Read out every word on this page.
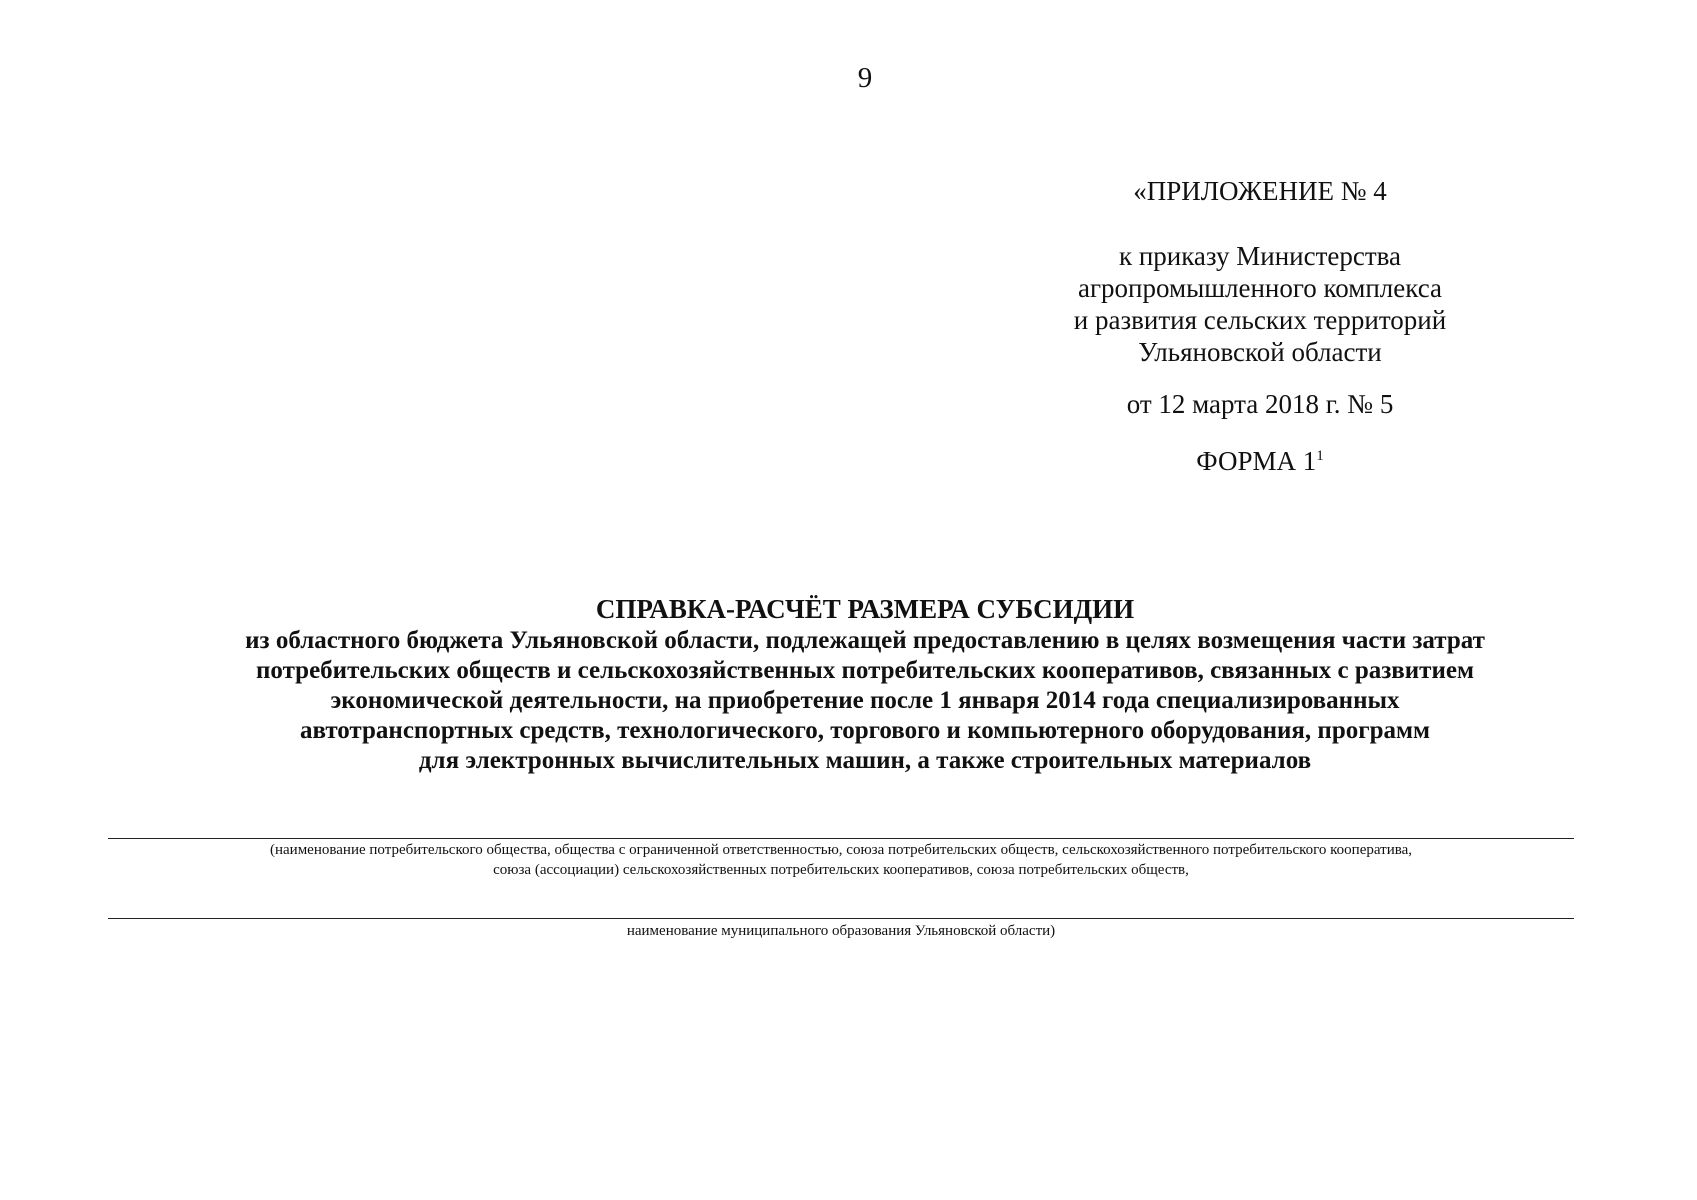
9
«ПРИЛОЖЕНИЕ № 4
к приказу Министерства
агропромышленного комплекса
и развития сельских территорий
Ульяновской области
от 12 марта 2018 г. № 5
ФОРМА $1^1$
СПРАВКА-РАСЧЁТ РАЗМЕРА СУБСИДИИ
из областного бюджета Ульяновской области, подлежащей предоставлению в целях возмещения части затрат
потребительских обществ и сельскохозяйственных потребительских кооперативов, связанных с развитием
экономической деятельности, на приобретение после 1 января 2014 года специализированных
автотранспортных средств, технологического, торгового и компьютерного оборудования, программ
для электронных вычислительных машин, а также строительных материалов
(наименование потребительского общества, общества с ограниченной ответственностью, союза потребительских обществ, сельскохозяйственного потребительского кооператива,
союза (ассоциации) сельскохозяйственных потребительских кооперативов, союза потребительских обществ,
наименование муниципального образования Ульяновской области)
